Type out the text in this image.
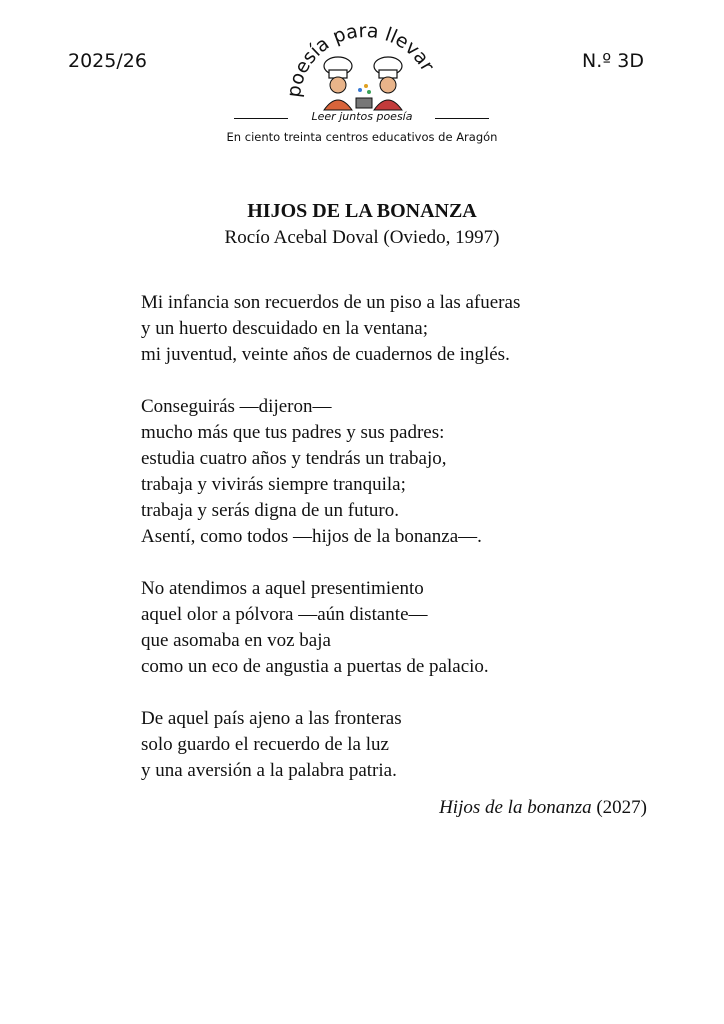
2025/26
poesía para llevar	N.º 3D
Leer juntos poesía
En ciento treinta centros educativos de Aragón
HIJOS DE LA BONANZA
Rocío Acebal Doval (Oviedo, 1997)
Mi infancia son recuerdos de un piso a las afueras
y un huerto descuidado en la ventana;
mi juventud, veinte años de cuadernos de inglés.
Conseguirás —dijeron—
mucho más que tus padres y sus padres:
estudia cuatro años y tendrás un trabajo,
trabaja y vivirás siempre tranquila;
trabaja y serás digna de un futuro.
Asentí, como todos —hijos de la bonanza—.
No atendimos a aquel presentimiento
aquel olor a pólvora —aún distante—
que asomaba en voz baja
como un eco de angustia a puertas de palacio.
De aquel país ajeno a las fronteras
solo guardo el recuerdo de la luz
y una aversión a la palabra patria.
Hijos de la bonanza (2027)
